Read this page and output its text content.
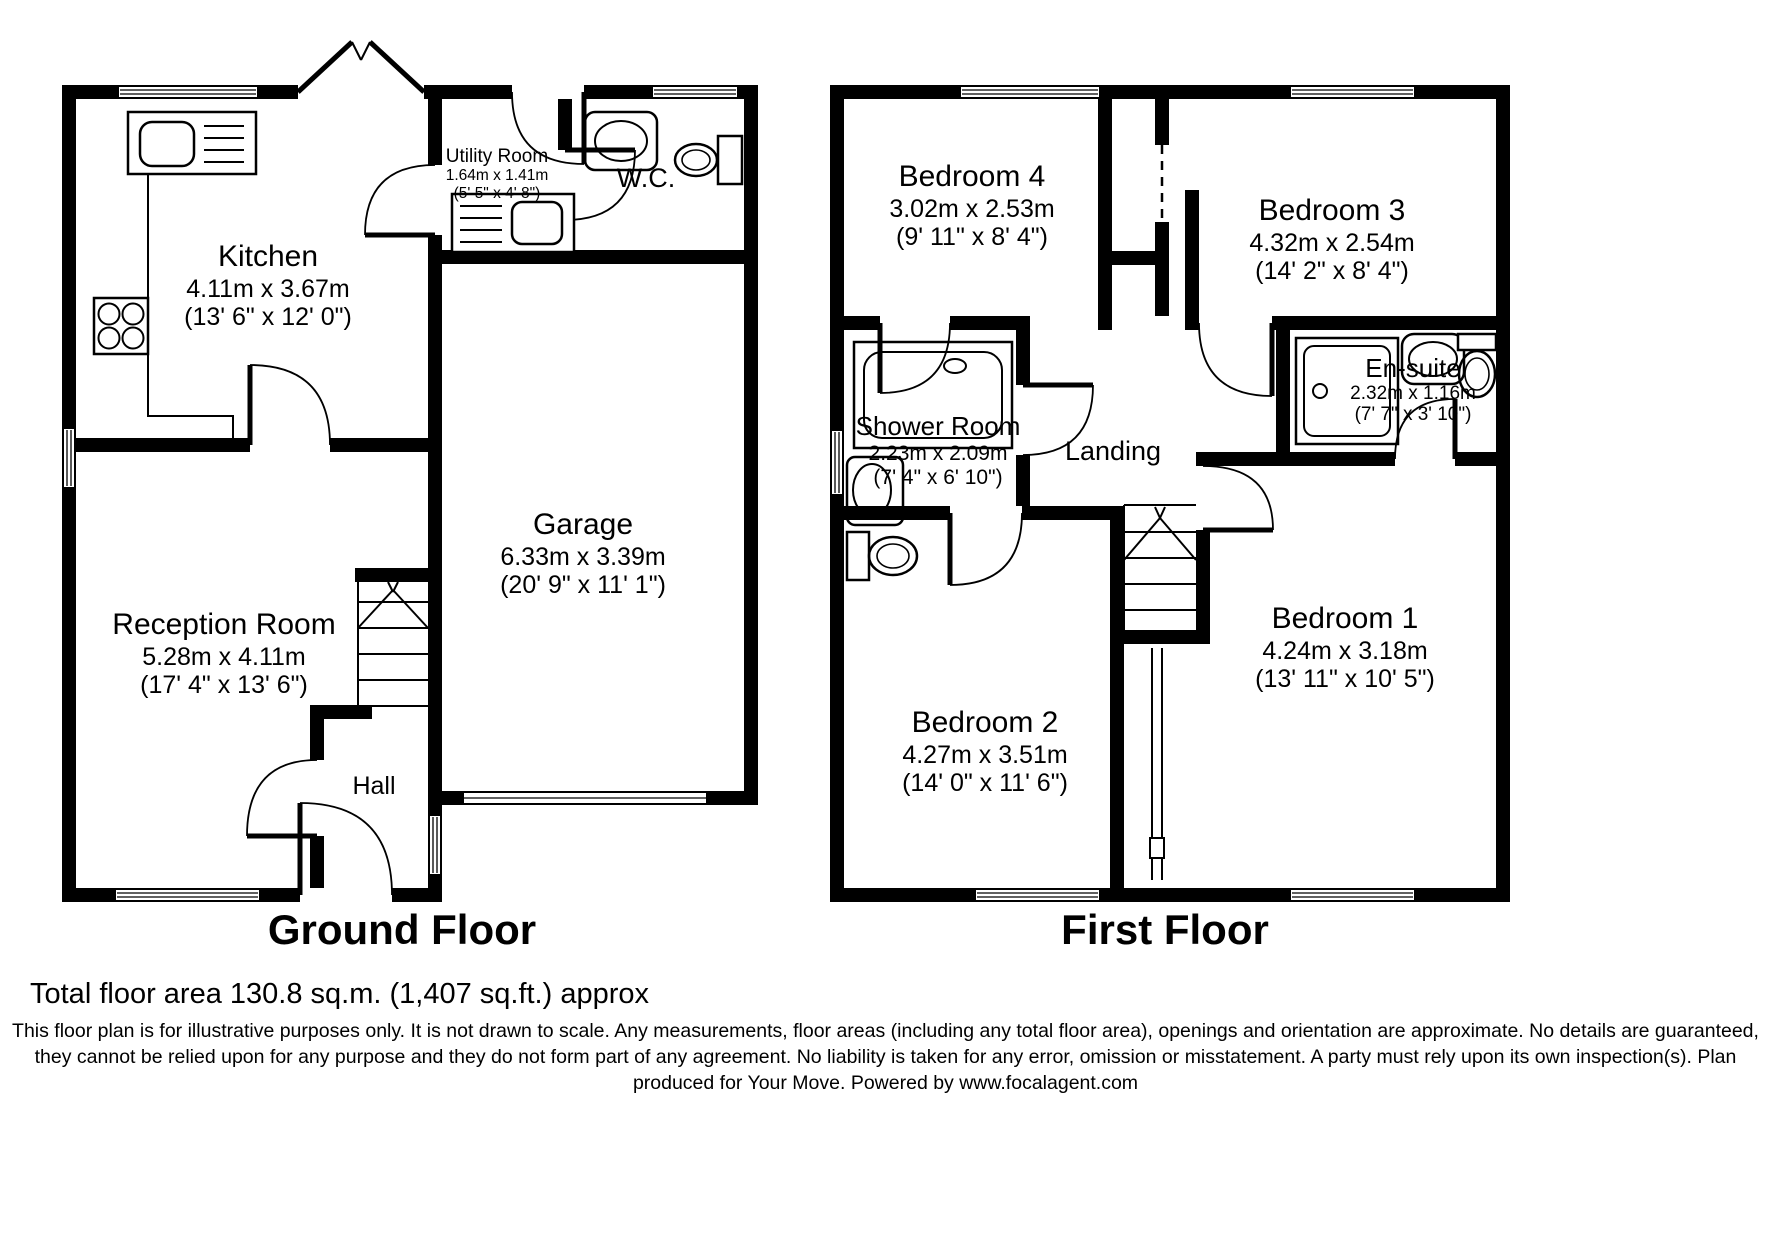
Kitchen
4.11m x 3.67m
(13' 6" x 12' 0")
Utility Room
1.64m x 1.41m
(5' 5" x 4' 8")
W.C.
Garage
6.33m x 3.39m
(20' 9" x 11' 1")
Reception Room
5.28m x 4.11m
(17' 4" x 13' 6")
Hall
Bedroom 4
3.02m x 2.53m
(9' 11" x 8' 4")
Bedroom 3
4.32m x 2.54m
(14' 2" x 8' 4")
Shower Room
2.23m x 2.09m
(7' 4" x 6' 10")
Landing
En-suite
2.32m x 1.16m
(7' 7" x 3' 10")
Bedroom 2
4.27m x 3.51m
(14' 0" x 11' 6")
Bedroom 1
4.24m x 3.18m
(13' 11" x 10' 5")
Ground Floor	First Floor
Total floor area 130.8 sq.m. (1,407 sq.ft.) approx
This floor plan is for illustrative purposes only. It is not drawn to scale. Any measurements, floor areas (including any total floor area), openings and orientation are approximate. No details are guaranteed,
they cannot be relied upon for any purpose and they do not form part of any agreement. No liability is taken for any error, omission or misstatement. A party must rely upon its own inspection(s). Plan
produced for Your Move. Powered by www.focalagent.com
